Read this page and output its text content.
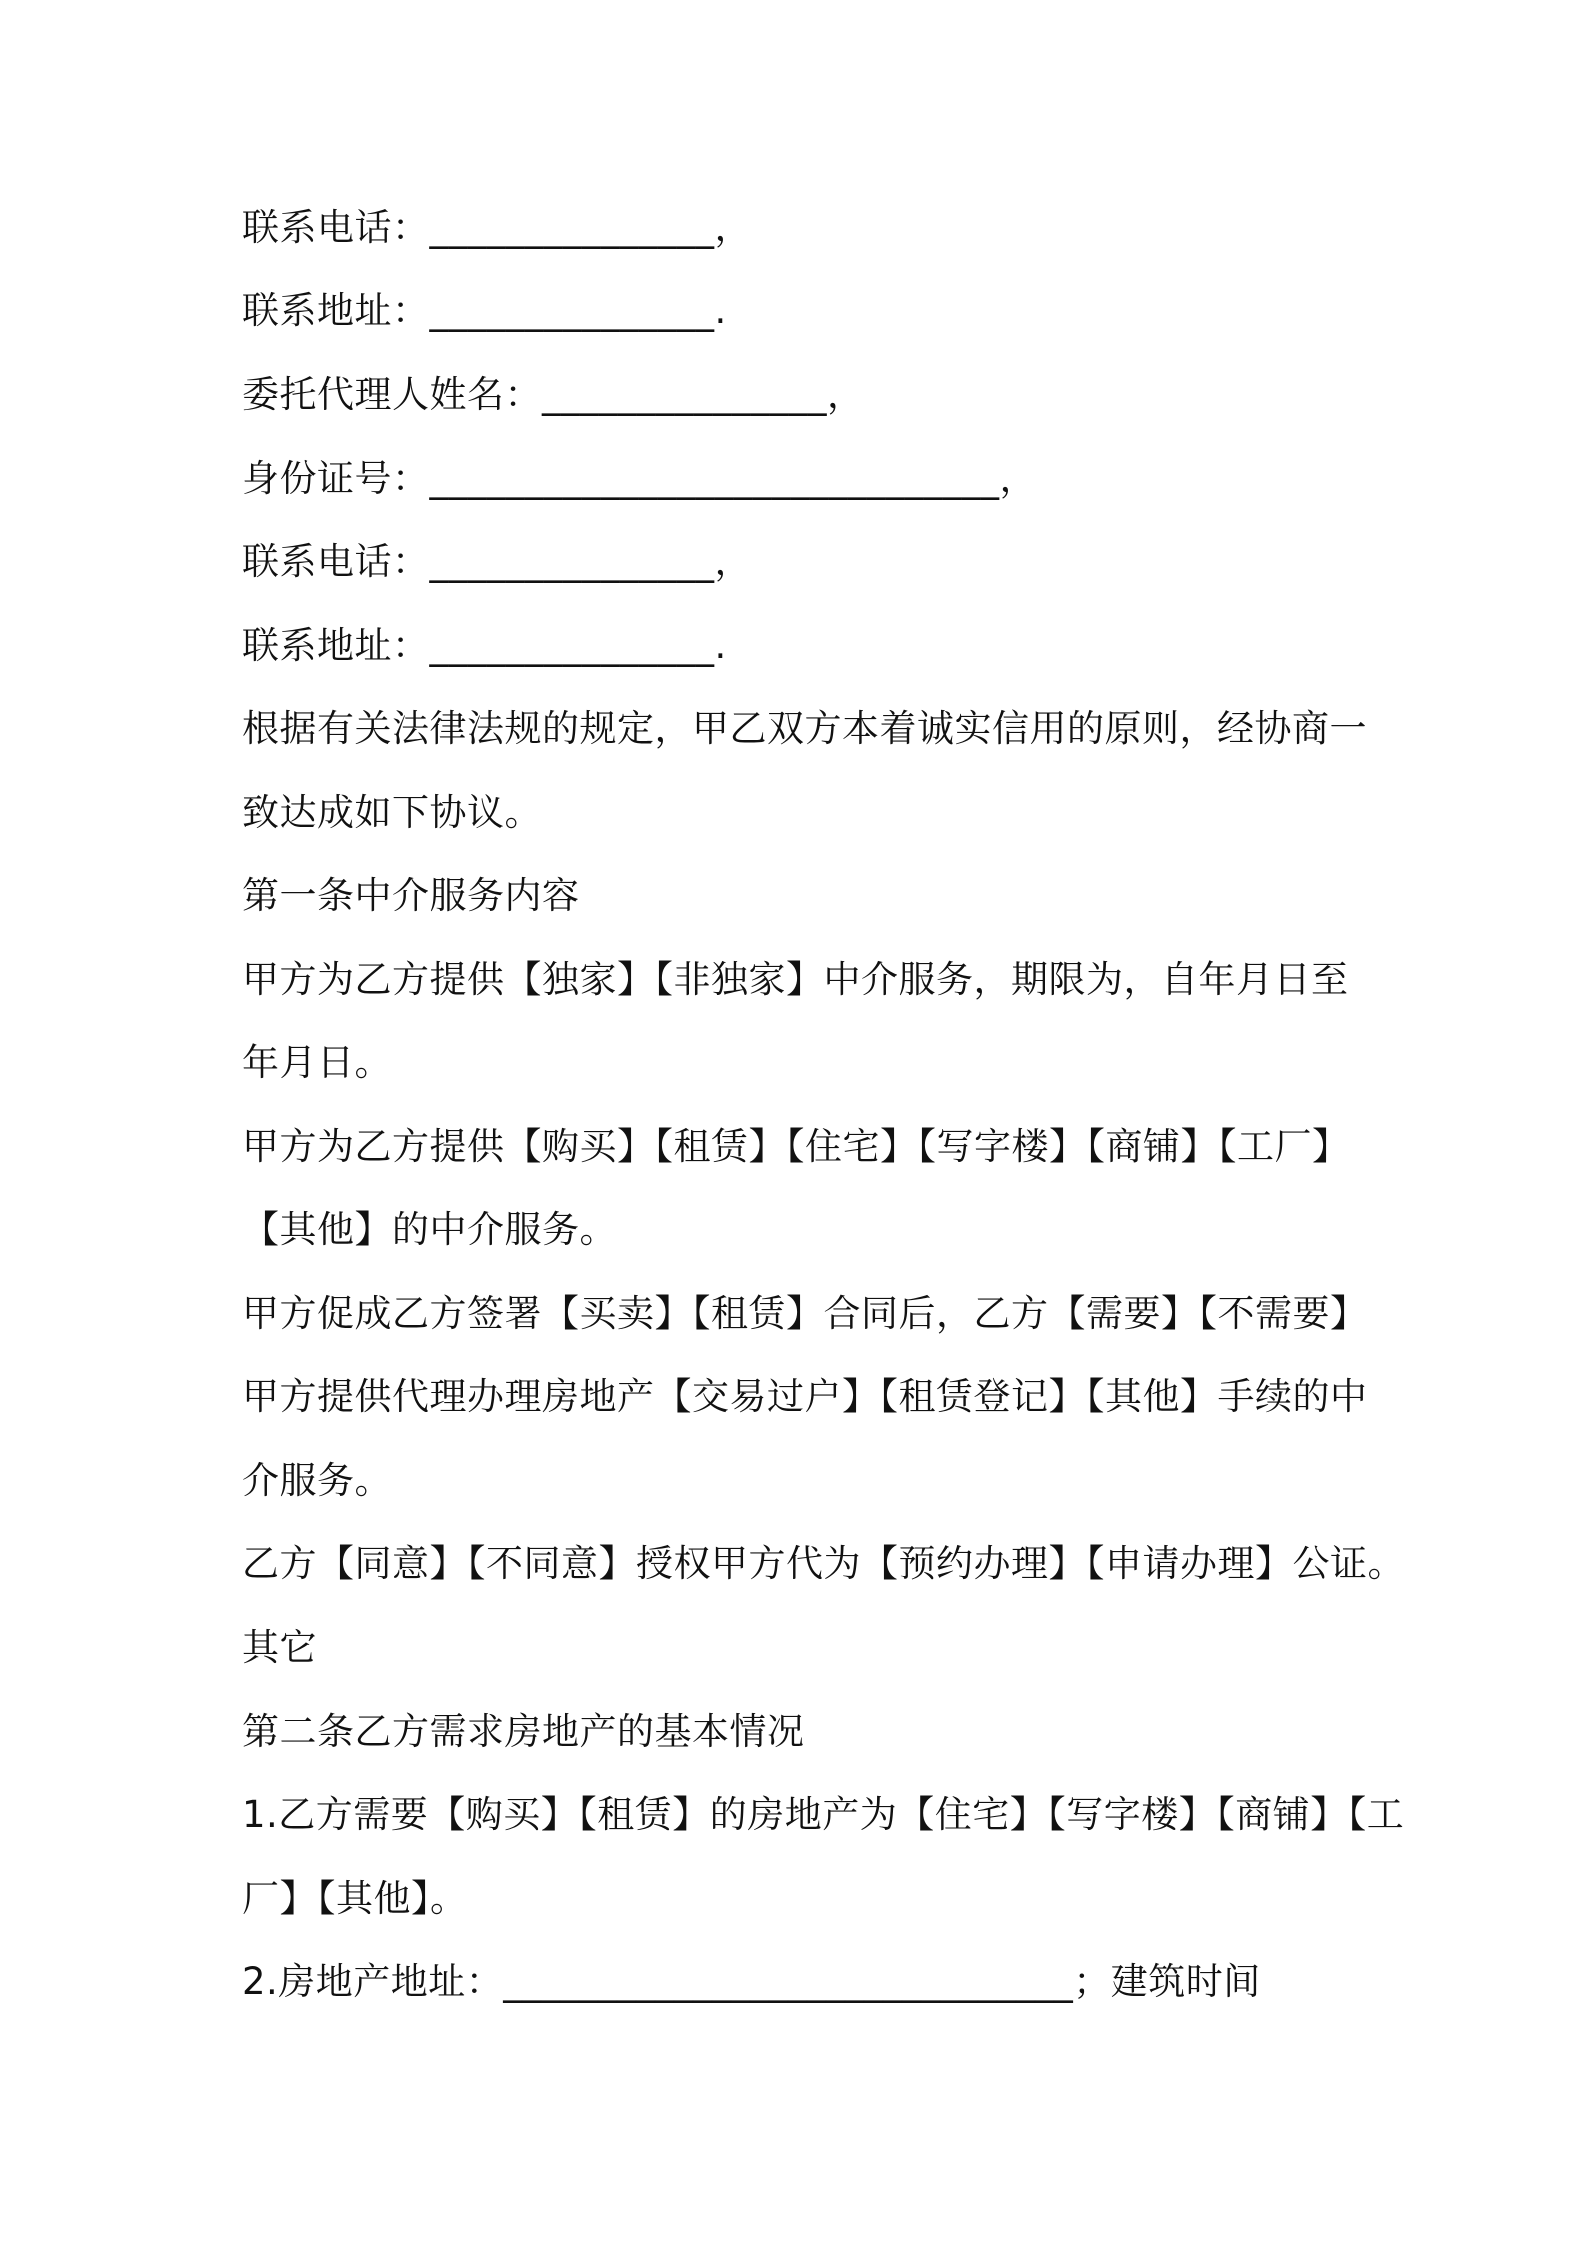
联系电话：_______________，
联系地址：_______________.
委托代理人姓名：_______________，
身份证号：______________________________，
联系电话：_______________，
联系地址：_______________.
根据有关法律法规的规定，甲乙双方本着诚实信用的原则，经协商一
致达成如下协议。
第一条中介服务内容
甲方为乙方提供【独家】【非独家】中介服务，期限为，自年月日至
年月日。
甲方为乙方提供【购买】【租赁】【住宅】【写字楼】【商铺】【工厂】
【其他】的中介服务。
甲方促成乙方签署【买卖】【租赁】合同后，乙方【需要】【不需要】
甲方提供代理办理房地产【交易过户】【租赁登记】【其他】手续的中
介服务。
乙方【同意】【不同意】授权甲方代为【预约办理】【申请办理】公证。
其它
第二条乙方需求房地产的基本情况
1.乙方需要【购买】【租赁】的房地产为【住宅】【写字楼】【商铺】【工
厂】【其他】。
2.房地产地址：______________________________；建筑时间
